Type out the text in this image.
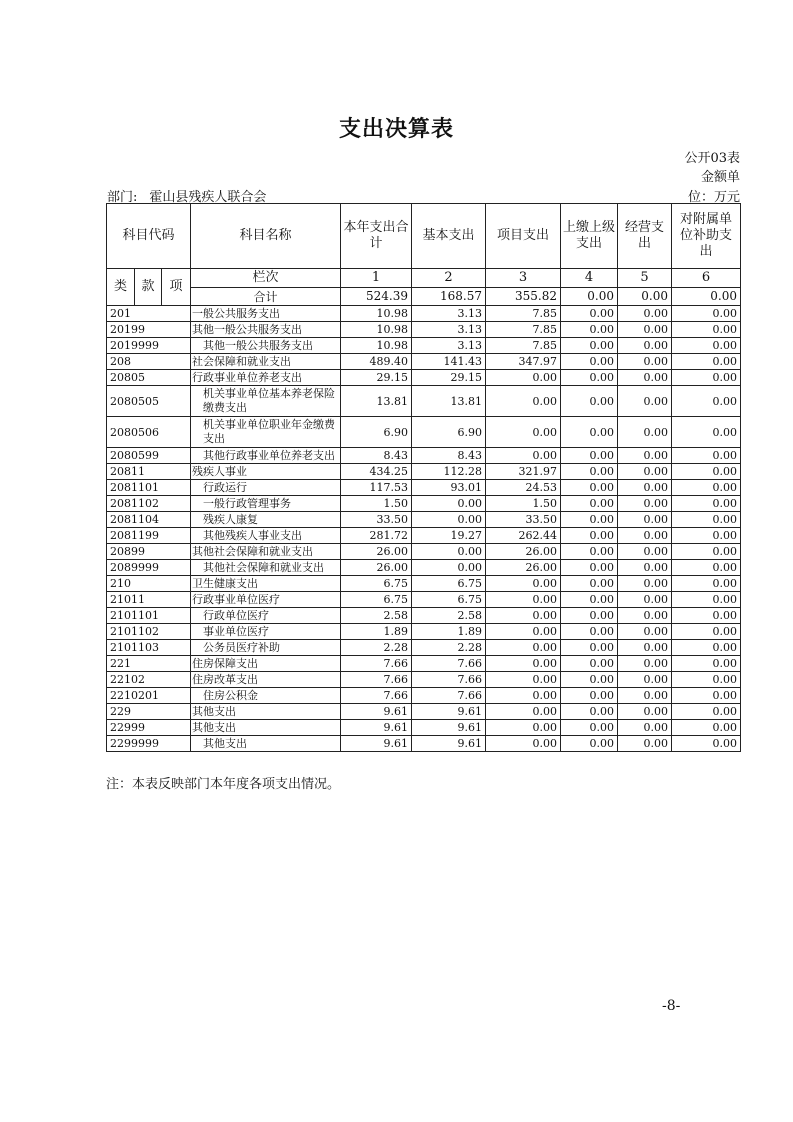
支出决算表
公开03表
金额单
位：万元
部门: 霍山县残疾人联合会
科目代码			科目名称	本年支出合计	基本支出	项目支出	上缴上级支出	经营支出	对附属单位补助支出
类	款	项	栏次	1	2	3	4	5	6
			合计	524.39	168.57	355.82	0.00	0.00	0.00
201			一般公共服务支出	10.98	3.13	7.85	0.00	0.00	0.00
20199			其他一般公共服务支出	10.98	3.13	7.85	0.00	0.00	0.00
2019999			其他一般公共服务支出	10.98	3.13	7.85	0.00	0.00	0.00
208			社会保障和就业支出	489.40	141.43	347.97	0.00	0.00	0.00
20805			行政事业单位养老支出	29.15	29.15	0.00	0.00	0.00	0.00
2080505			机关事业单位基本养老保险缴费支出	13.81	13.81	0.00	0.00	0.00	0.00
2080506			机关事业单位职业年金缴费支出	6.90	6.90	0.00	0.00	0.00	0.00
2080599			其他行政事业单位养老支出	8.43	8.43	0.00	0.00	0.00	0.00
20811			残疾人事业	434.25	112.28	321.97	0.00	0.00	0.00
2081101			行政运行	117.53	93.01	24.53	0.00	0.00	0.00
2081102			一般行政管理事务	1.50	0.00	1.50	0.00	0.00	0.00
2081104			残疾人康复	33.50	0.00	33.50	0.00	0.00	0.00
2081199			其他残疾人事业支出	281.72	19.27	262.44	0.00	0.00	0.00
20899			其他社会保障和就业支出	26.00	0.00	26.00	0.00	0.00	0.00
2089999			其他社会保障和就业支出	26.00	0.00	26.00	0.00	0.00	0.00
210			卫生健康支出	6.75	6.75	0.00	0.00	0.00	0.00
21011			行政事业单位医疗	6.75	6.75	0.00	0.00	0.00	0.00
2101101			行政单位医疗	2.58	2.58	0.00	0.00	0.00	0.00
2101102			事业单位医疗	1.89	1.89	0.00	0.00	0.00	0.00
2101103			公务员医疗补助	2.28	2.28	0.00	0.00	0.00	0.00
221			住房保障支出	7.66	7.66	0.00	0.00	0.00	0.00
22102			住房改革支出	7.66	7.66	0.00	0.00	0.00	0.00
2210201			住房公积金	7.66	7.66	0.00	0.00	0.00	0.00
229			其他支出	9.61	9.61	0.00	0.00	0.00	0.00
22999			其他支出	9.61	9.61	0.00	0.00	0.00	0.00
2299999			其他支出	9.61	9.61	0.00	0.00	0.00	0.00
注：本表反映部门本年度各项支出情况。
-8-
